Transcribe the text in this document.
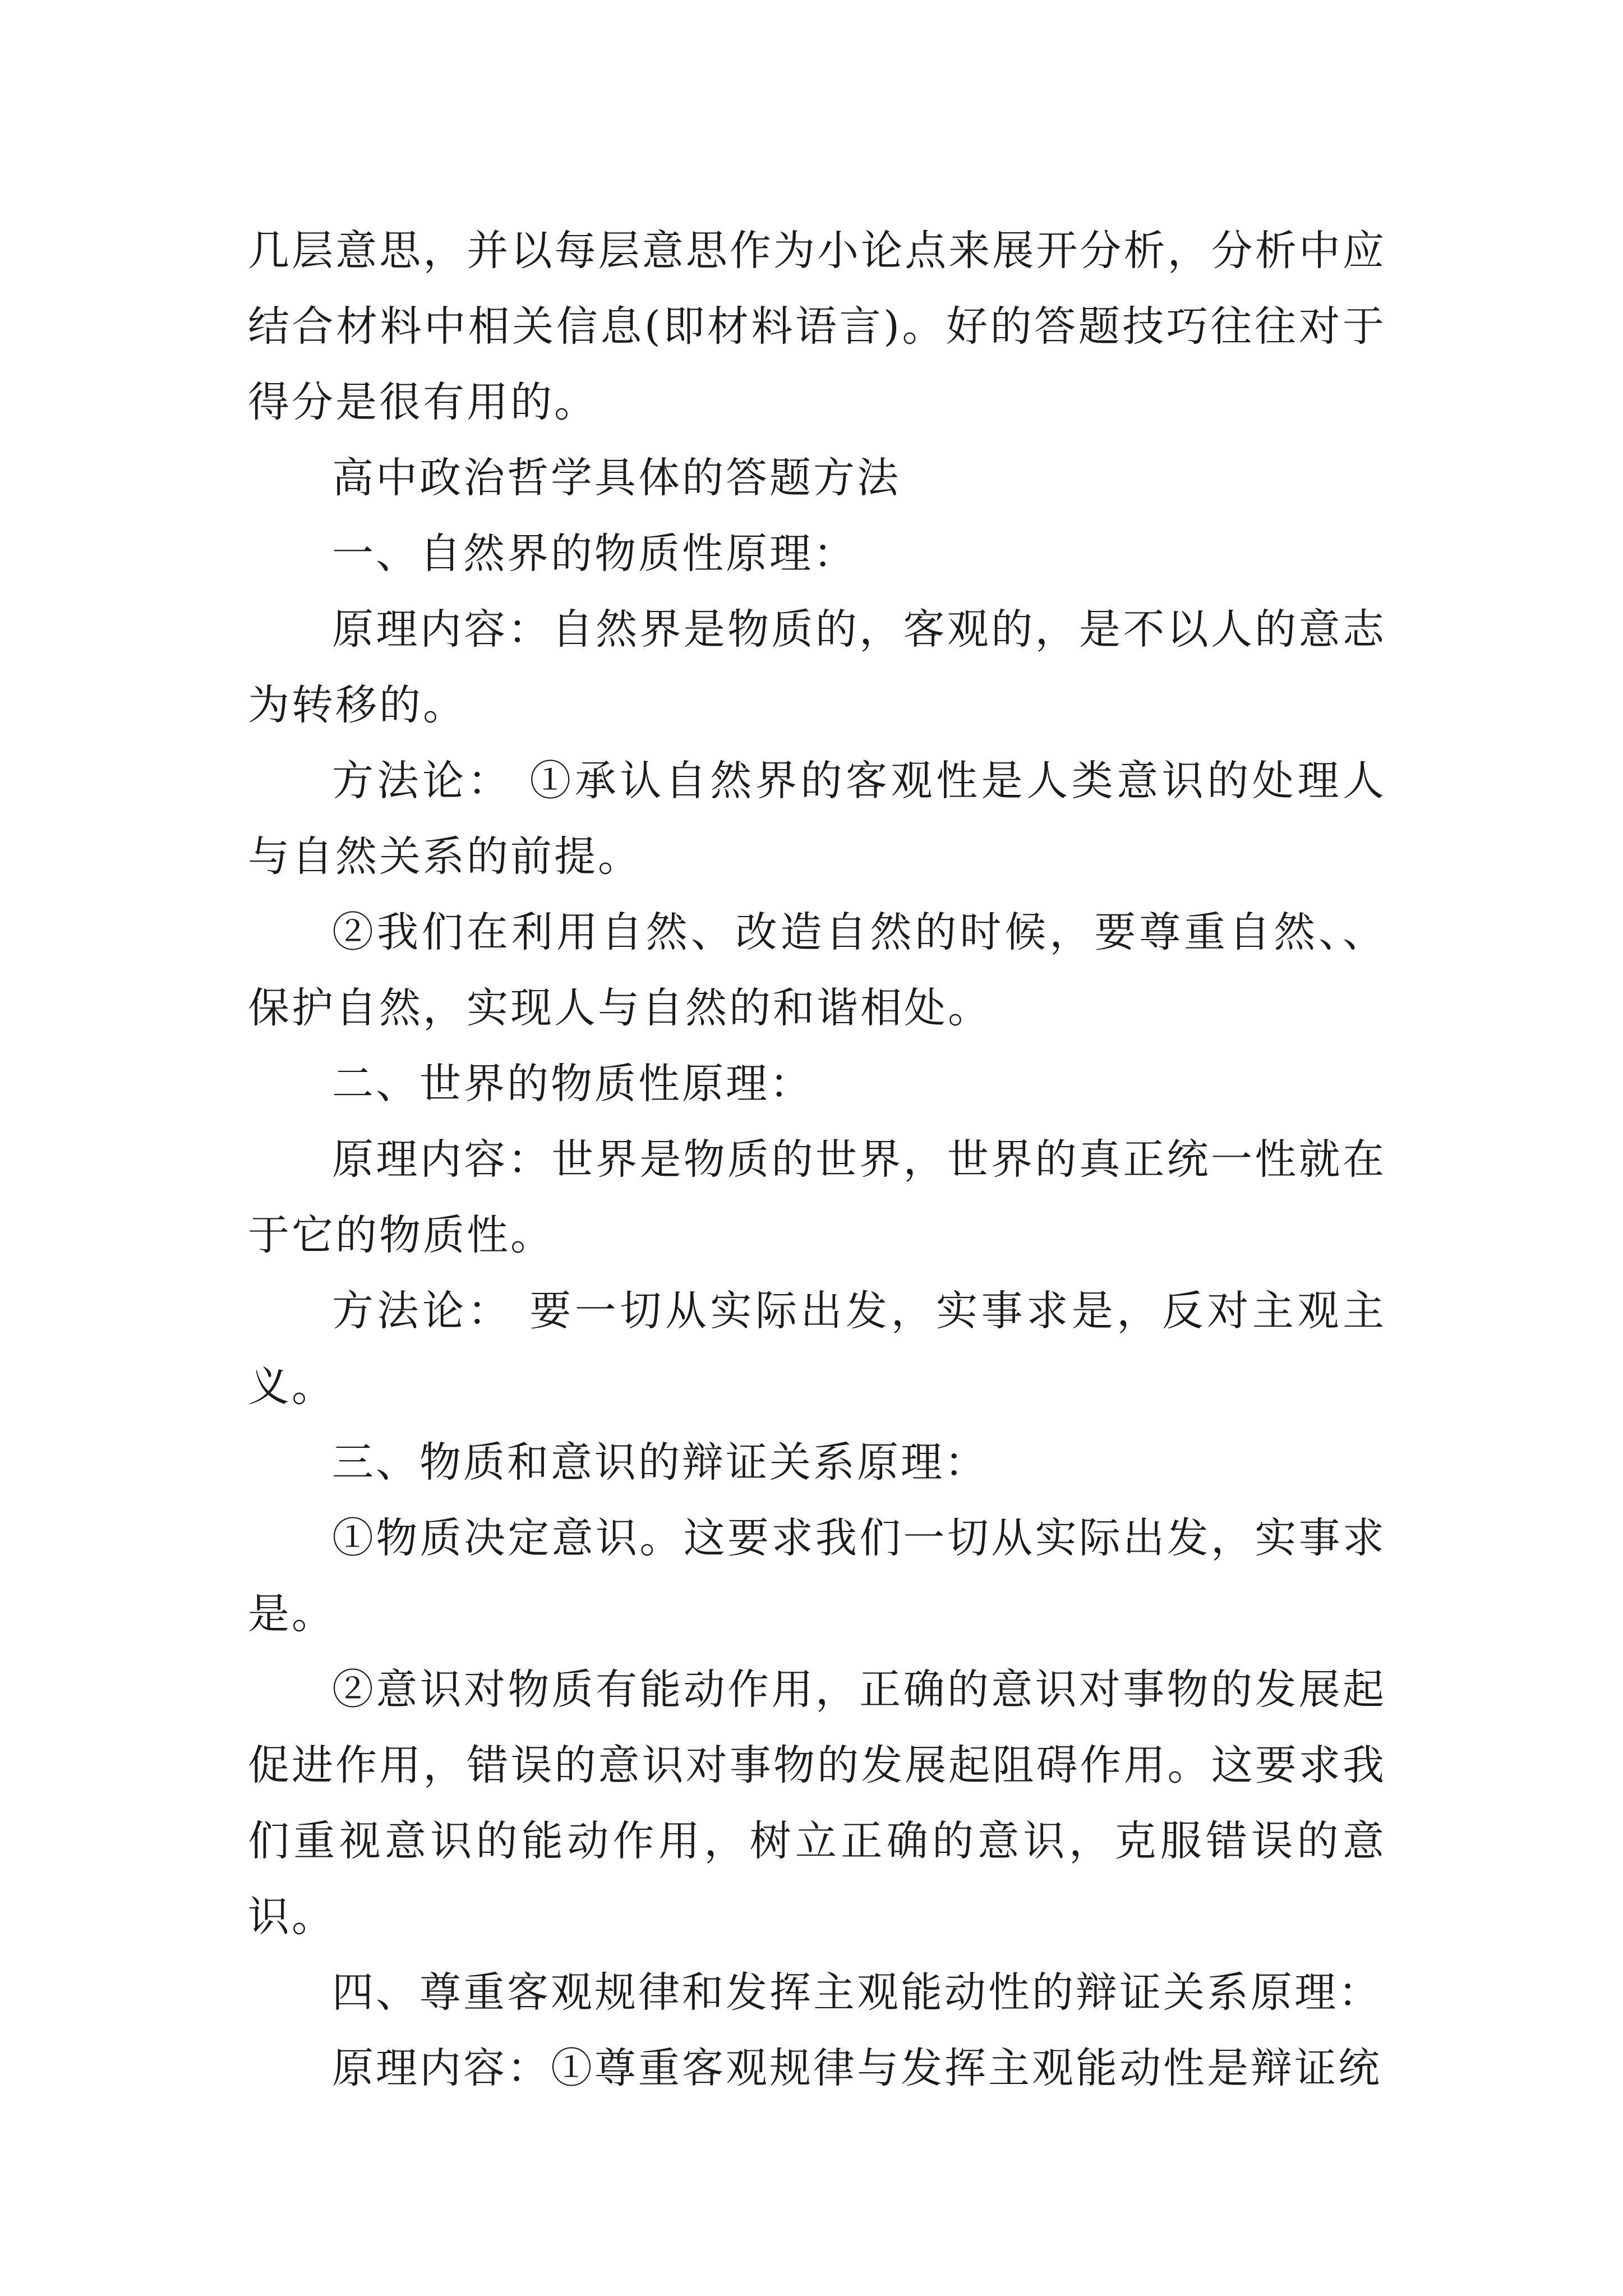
几层意思，并以每层意思作为小论点来展开分析，分析中应结合材料中相关信息(即材料语言)。好的答题技巧往往对于得分是很有用的。

高中政治哲学具体的答题方法

一、自然界的物质性原理：

原理内容：自然界是物质的，客观的，是不以人的意志为转移的。

方法论： ①承认自然界的客观性是人类意识的处理人与自然关系的前提。

②我们在利用自然、改造自然的时候，要尊重自然、、保护自然，实现人与自然的和谐相处。

二、世界的物质性原理：

原理内容：世界是物质的世界，世界的真正统一性就在于它的物质性。

方法论： 要一切从实际出发，实事求是，反对主观主义。

三、物质和意识的辩证关系原理：

①物质决定意识。这要求我们一切从实际出发，实事求是。

②意识对物质有能动作用，正确的意识对事物的发展起促进作用，错误的意识对事物的发展起阻碍作用。这要求我们重视意识的能动作用，树立正确的意识，克服错误的意识。

四、尊重客观规律和发挥主观能动性的辩证关系原理：

原理内容：①尊重客观规律与发挥主观能动性是辩证统
